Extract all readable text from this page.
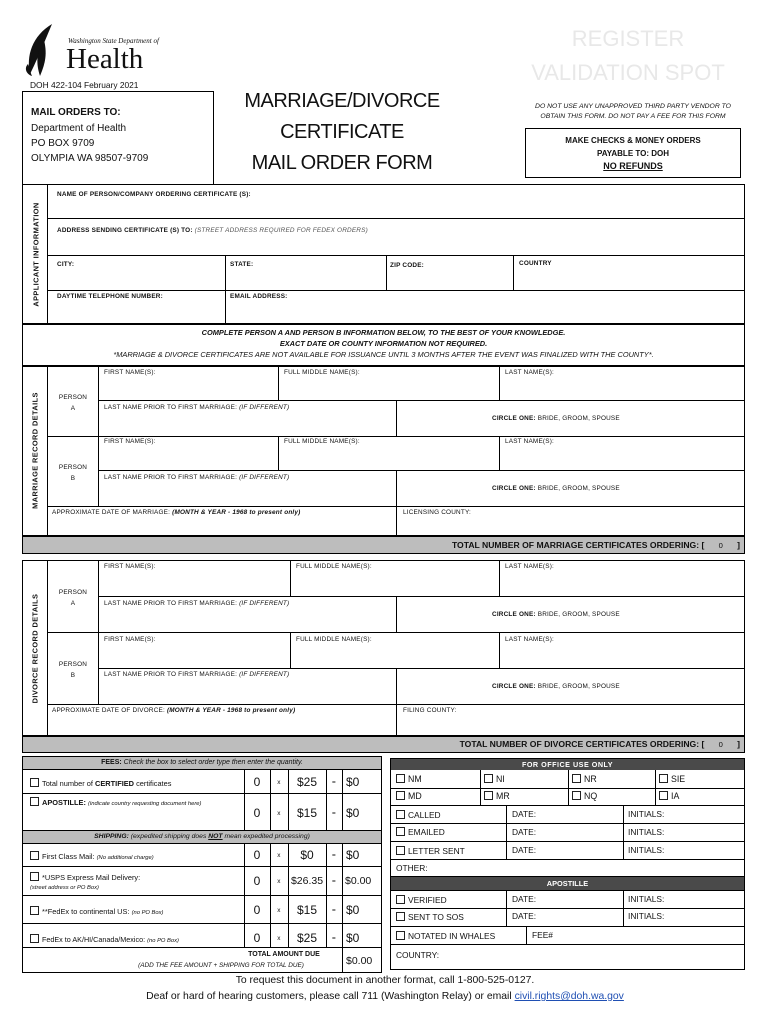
Washington State Department of
Health
DOH 422-104 February 2021
MAIL ORDERS TO:
Department of Health
PO BOX 9709
OLYMPIA WA 98507-9709
MARRIAGE/DIVORCE
CERTIFICATE
MAIL ORDER FORM
REGISTER
VALIDATION SPOT
DO NOT USE ANY UNAPPROVED THIRD PARTY VENDOR TO OBTAIN THIS FORM. DO NOT PAY A FEE FOR THIS FORM
MAKE CHECKS & MONEY ORDERS
PAYABLE TO: DOH
NO REFUNDS
APPLICANT INFORMATION
NAME OF PERSON/COMPANY ORDERING CERTIFICATE (S):
ADDRESS SENDING CERTIFICATE (S) TO: (STREET ADDRESS REQUIRED FOR FEDEX ORDERS)
CITY:	STATE:	ZIP CODE:	COUNTRY
DAYTIME TELEPHONE NUMBER:	EMAIL ADDRESS:
COMPLETE PERSON A AND PERSON B INFORMATION BELOW, TO THE BEST OF YOUR KNOWLEDGE.
EXACT DATE OR COUNTY INFORMATION NOT REQUIRED.
*MARRIAGE & DIVORCE CERTIFICATES ARE NOT AVAILABLE FOR ISSUANCE UNTIL 3 MONTHS AFTER THE EVENT WAS FINALIZED WITH THE COUNTY*.
MARRIAGE RECORD DETAILS	PERSON
A
FIRST NAME(S):	FULL MIDDLE NAME(S):	LAST NAME(S):
LAST NAME PRIOR TO FIRST MARRIAGE: (IF DIFFERENT)
CIRCLE ONE: BRIDE, GROOM, SPOUSE
PERSON
B
FIRST NAME(S):	FULL MIDDLE NAME(S):	LAST NAME(S):
LAST NAME PRIOR TO FIRST MARRIAGE: (IF DIFFERENT)
CIRCLE ONE: BRIDE, GROOM, SPOUSE
APPROXIMATE DATE OF MARRIAGE: (MONTH & YEAR - 1968 to present only)	LICENSING COUNTY:
TOTAL NUMBER OF MARRIAGE CERTIFICATES ORDERING: [ 0 ]
DIVORCE RECORD DETAILS
PERSON
A
FIRST NAME(S):	FULL MIDDLE NAME(S):	LAST NAME(S):
LAST NAME PRIOR TO FIRST MARRIAGE: (IF DIFFERENT)
CIRCLE ONE: BRIDE, GROOM, SPOUSE
PERSON
B
FIRST NAME(S):	FULL MIDDLE NAME(S):	LAST NAME(S):
LAST NAME PRIOR TO FIRST MARRIAGE: (IF DIFFERENT)
CIRCLE ONE: BRIDE, GROOM, SPOUSE
APPROXIMATE DATE OF DIVORCE: (MONTH & YEAR - 1968 to present only)	FILING COUNTY:
TOTAL NUMBER OF DIVORCE CERTIFICATES ORDERING: [ 0 ]
FEES: Check the box to select order type then enter the quantity.
Total number of CERTIFIED certificates	0	x	$25	= $0
APOSTILLE: (indicate country requesting document here)
0	x	$15	= $0
SHIPPING: (expedited shipping does NOT mean expedited processing)
First Class Mail: (No additional charge)	0	x	$0	= $0
*USPS Express Mail Delivery:
(street address or PO Box)	0	x $26.35	= $0.00
**FedEx to continental US: (no PO Box)	0	x	$15	= $0
FedEx to AK/HI/Canada/Mexico: (no PO Box)	0	x	$25	= $0
TOTAL AMOUNT DUE
(ADD THE FEE AMOUNT + SHIPPING FOR TOTAL DUE)	$0.00
FOR OFFICE USE ONLY
NM	NI	NR	SIE
MD	MR	NQ	IA
CALLED	DATE:	INITIALS:
EMAILED	DATE:	INITIALS:
LETTER SENT	DATE:	INITIALS:
OTHER:
APOSTILLE
VERIFIED	DATE:	INITIALS:
SENT TO SOS	DATE:	INITIALS:
NOTATED IN WHALES	FEE#
COUNTRY:
To request this document in another format, call 1-800-525-0127.
Deaf or hard of hearing customers, please call 711 (Washington Relay) or email civil.rights@doh.wa.gov
